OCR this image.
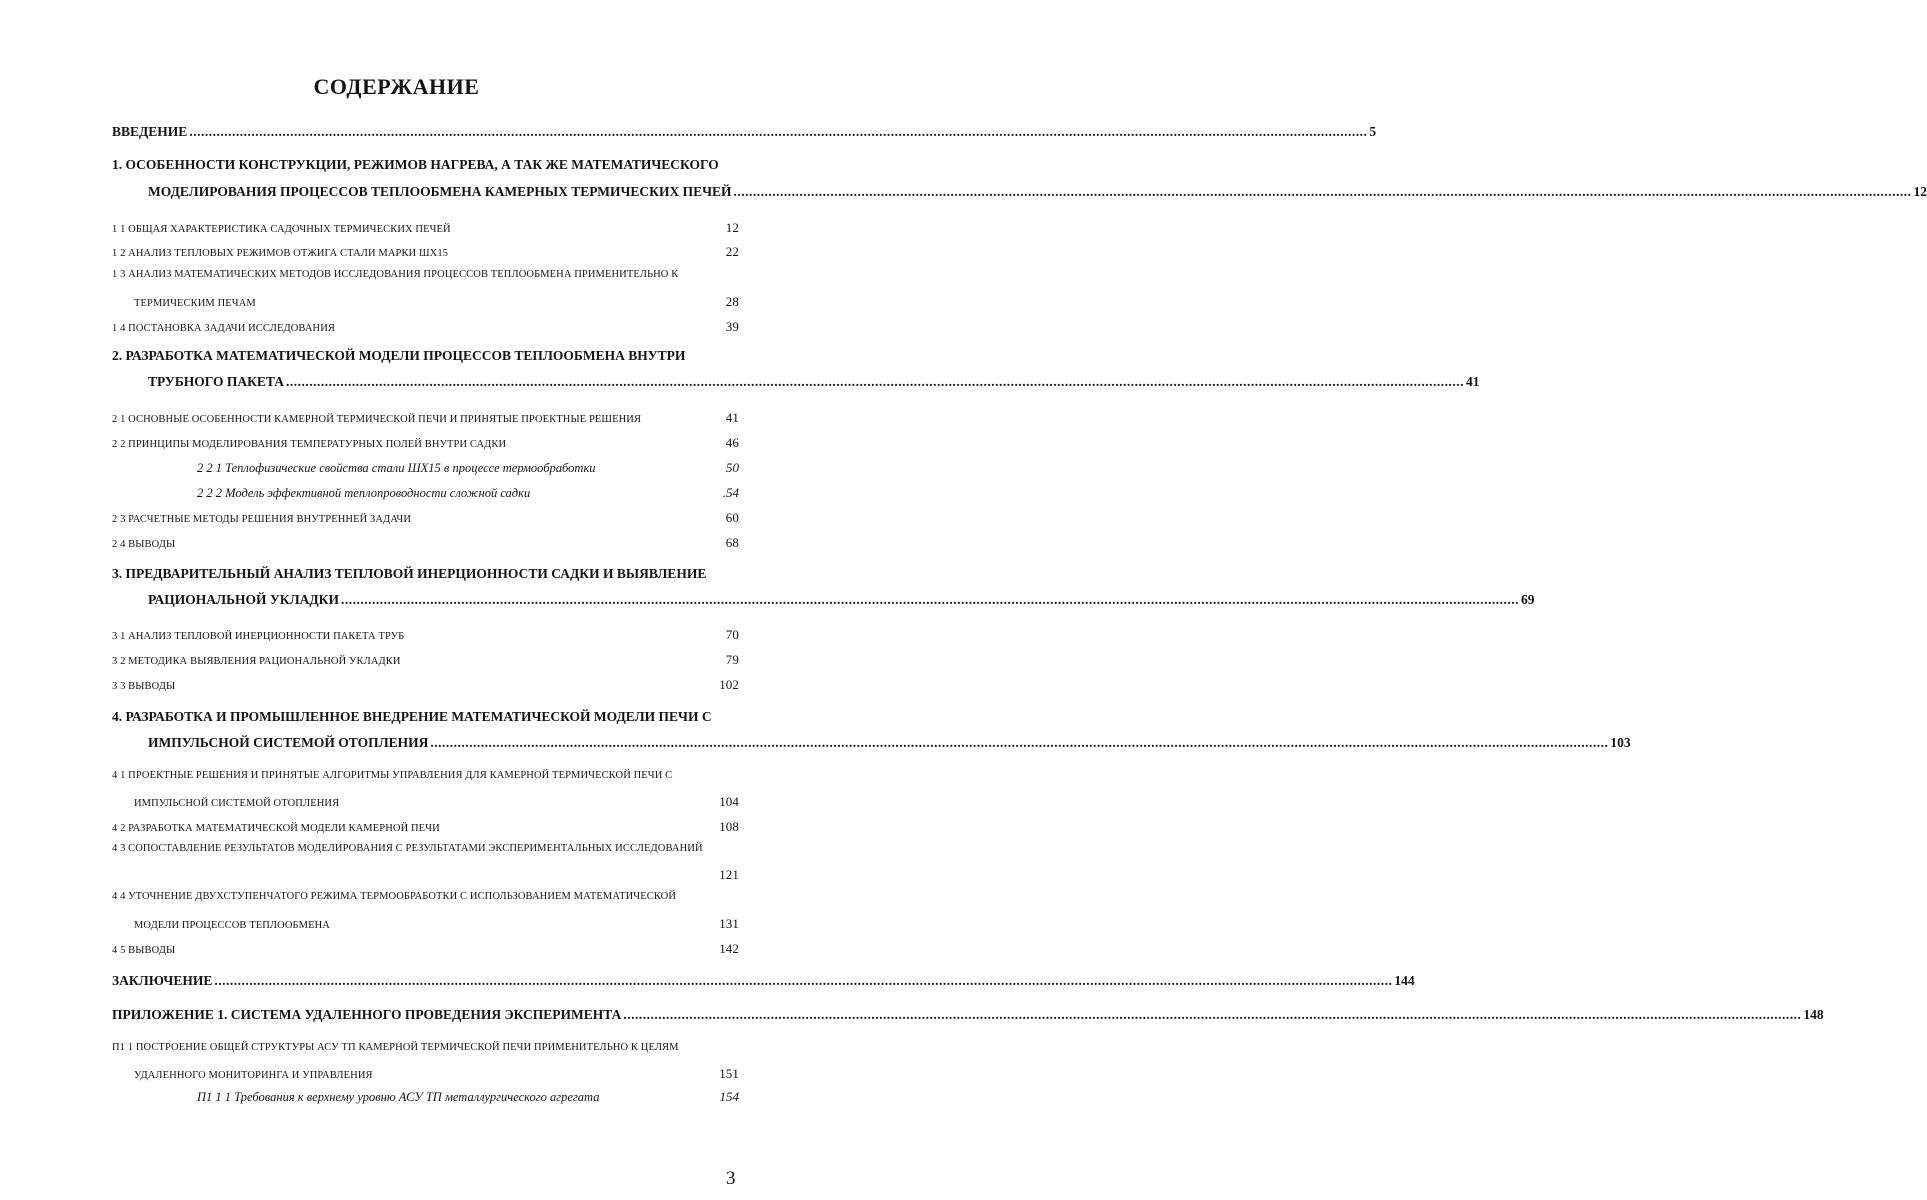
СОДЕРЖАНИЕ
ВВЕДЕНИЕ .....	5
1. ОСОБЕННОСТИ КОНСТРУКЦИИ, РЕЖИМОВ НАГРЕВА, А ТАК ЖЕ МАТЕМАТИЧЕСКОГО
МОДЕЛИРОВАНИЯ ПРОЦЕССОВ ТЕПЛООБМЕНА КАМЕРНЫХ ТЕРМИЧЕСКИХ ПЕЧЕЙ .....	12
1 1 ОБЩАЯ ХАРАКТЕРИСТИКА САДОЧНЫХ ТЕРМИЧЕСКИХ ПЕЧЕЙ	12
1 2 АНАЛИЗ ТЕПЛОВЫХ РЕЖИМОВ ОТЖИГА СТАЛИ МАРКИ ШХ15	22
1 3 АНАЛИЗ МАТЕМАТИЧЕСКИХ МЕТОДОВ ИССЛЕДОВАНИЯ ПРОЦЕССОВ ТЕПЛООБМЕНА ПРИМЕНИТЕЛЬНО К
ТЕРМИЧЕСКИМ ПЕЧАМ	28
1 4 ПОСТАНОВКА ЗАДАЧИ ИССЛЕДОВАНИЯ	39
2. РАЗРАБОТКА МАТЕМАТИЧЕСКОЙ МОДЕЛИ ПРОЦЕССОВ ТЕПЛООБМЕНА ВНУТРИ
ТРУБНОГО ПАКЕТА .....	41
2 1 ОСНОВНЫЕ ОСОБЕННОСТИ КАМЕРНОЙ ТЕРМИЧЕСКОЙ ПЕЧИ И ПРИНЯТЫЕ ПРОЕКТНЫЕ РЕШЕНИЯ	41
2 2 ПРИНЦИПЫ МОДЕЛИРОВАНИЯ ТЕМПЕРАТУРНЫХ ПОЛЕЙ ВНУТРИ САДКИ	46
2 2 1 Теплофизические свойства стали ШХ15 в процессе термообработки	50
2 2 2 Модель эффективной теплопроводности сложной садки	.54
2 3 РАСЧЕТНЫЕ МЕТОДЫ РЕШЕНИЯ ВНУТРЕННЕЙ ЗАДАЧИ	60
2 4 ВЫВОДЫ	68
3. ПРЕДВАРИТЕЛЬНЫЙ АНАЛИЗ ТЕПЛОВОЙ ИНЕРЦИОННОСТИ САДКИ И ВЫЯВЛЕНИЕ
РАЦИОНАЛЬНОЙ УКЛАДКИ .....	69
3 1 АНАЛИЗ ТЕПЛОВОЙ ИНЕРЦИОННОСТИ ПАКЕТА ТРУБ	70
3 2 МЕТОДИКА ВЫЯВЛЕНИЯ РАЦИОНАЛЬНОЙ УКЛАДКИ	79
3 3 ВЫВОДЫ	102
4. РАЗРАБОТКА И ПРОМЫШЛЕННОЕ ВНЕДРЕНИЕ МАТЕМАТИЧЕСКОЙ МОДЕЛИ ПЕЧИ С
ИМПУЛЬСНОЙ СИСТЕМОЙ ОТОПЛЕНИЯ .....	103
4 1 ПРОЕКТНЫЕ РЕШЕНИЯ И ПРИНЯТЫЕ АЛГОРИТМЫ УПРАВЛЕНИЯ ДЛЯ КАМЕРНОЙ ТЕРМИЧЕСКОЙ ПЕЧИ С
ИМПУЛЬСНОЙ СИСТЕМОЙ ОТОПЛЕНИЯ	104
4 2 РАЗРАБОТКА МАТЕМАТИЧЕСКОЙ МОДЕЛИ КАМЕРНОЙ ПЕЧИ	108
4 3 СОПОСТАВЛЕНИЕ РЕЗУЛЬТАТОВ МОДЕЛИРОВАНИЯ С РЕЗУЛЬТАТАМИ ЭКСПЕРИМЕНТАЛЬНЫХ ИССЛЕДОВАНИЙ
121
4 4 УТОЧНЕНИЕ ДВУХСТУПЕНЧАТОГО РЕЖИМА ТЕРМООБРАБОТКИ С ИСПОЛЬЗОВАНИЕМ МАТЕМАТИЧЕСКОЙ
МОДЕЛИ ПРОЦЕССОВ ТЕПЛООБМЕНА	131
4 5 ВЫВОДЫ	142
ЗАКЛЮЧЕНИЕ .....	144
ПРИЛОЖЕНИЕ 1. СИСТЕМА УДАЛЕННОГО ПРОВЕДЕНИЯ ЭКСПЕРИМЕНТА .....	148
П1 1 ПОСТРОЕНИЕ ОБЩЕЙ СТРУКТУРЫ АСУ ТП КАМЕРНОЙ ТЕРМИЧЕСКОЙ ПЕЧИ ПРИМЕНИТЕЛЬНО К ЦЕЛЯМ
УДАЛЕННОГО МОНИТОРИНГА И УПРАВЛЕНИЯ	151
П1 1 1 Требования к верхнему уровню АСУ ТП металлургического агрегата	154
3
